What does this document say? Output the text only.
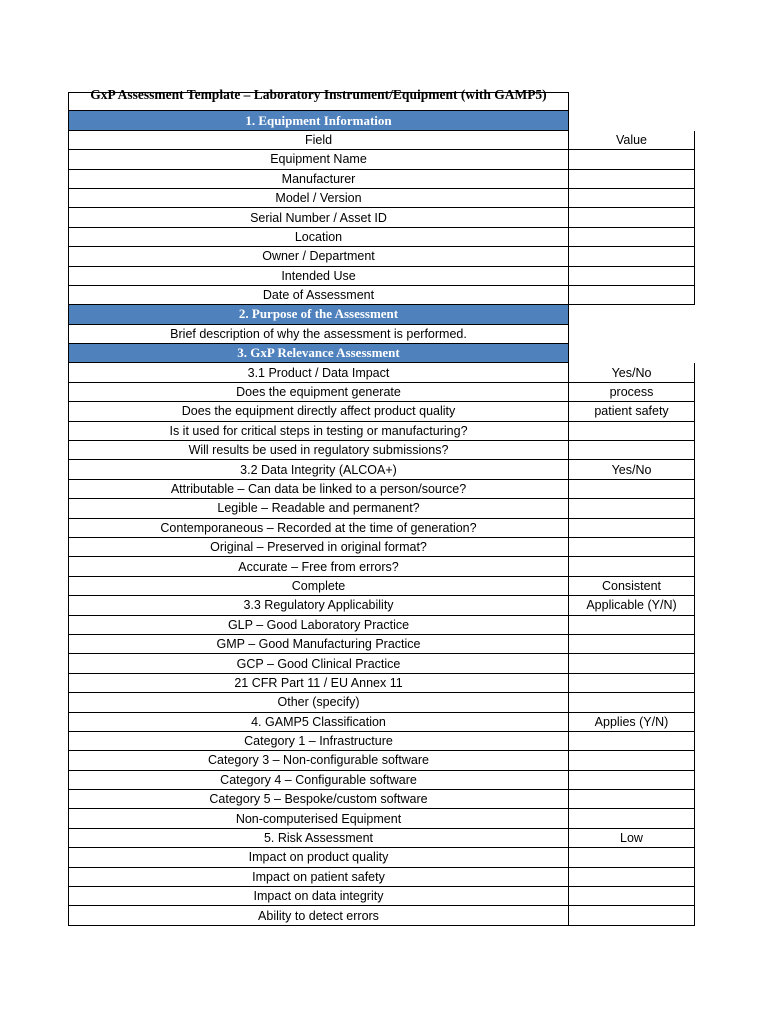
GxP Assessment Template – Laboratory Instrument/Equipment (with GAMP5)
1. Equipment Information
Field	Value
Equipment Name
Manufacturer
Model / Version
Serial Number / Asset ID
Location
Owner / Department
Intended Use
Date of Assessment
2. Purpose of the Assessment
Brief description of why the assessment is performed.
3. GxP Relevance Assessment
3.1 Product / Data Impact	Yes/No
Does the equipment generate	process
Does the equipment directly affect product quality	patient safety
Is it used for critical steps in testing or manufacturing?
Will results be used in regulatory submissions?
3.2 Data Integrity (ALCOA+)	Yes/No
Attributable – Can data be linked to a person/source?
Legible – Readable and permanent?
Contemporaneous – Recorded at the time of generation?
Original – Preserved in original format?
Accurate – Free from errors?
Complete	Consistent
3.3 Regulatory Applicability	Applicable (Y/N)
GLP – Good Laboratory Practice
GMP – Good Manufacturing Practice
GCP – Good Clinical Practice
21 CFR Part 11 / EU Annex 11
Other (specify)
4. GAMP5 Classification	Applies (Y/N)
Category 1 – Infrastructure
Category 3 – Non-configurable software
Category 4 – Configurable software
Category 5 – Bespoke/custom software
Non-computerised Equipment
5. Risk Assessment	Low
Impact on product quality
Impact on patient safety
Impact on data integrity
Ability to detect errors
